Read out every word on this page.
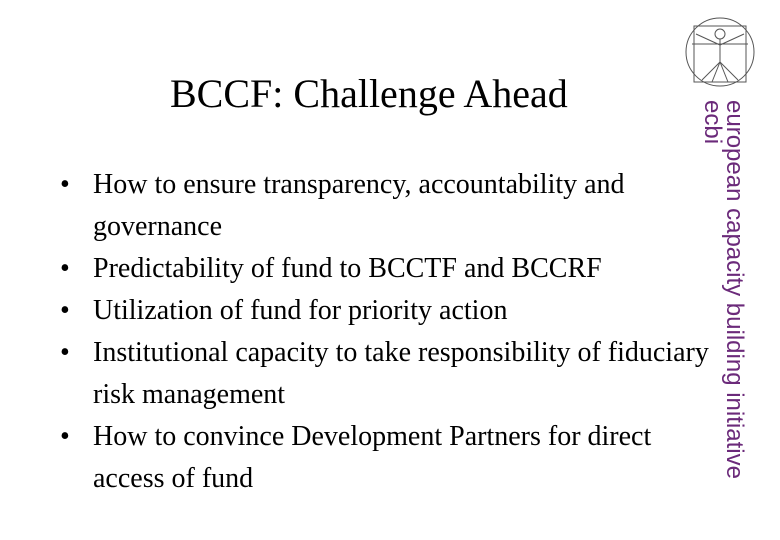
BCCF: Challenge Ahead
• How to ensure transparency, accountability and governance
• Predictability of fund to BCCTF and BCCRF
• Utilization of fund for priority action
• Institutional capacity to take responsibility of fiduciary risk management
• How to convince Development Partners for direct access of fund	european capacity building initiative
ecbi
